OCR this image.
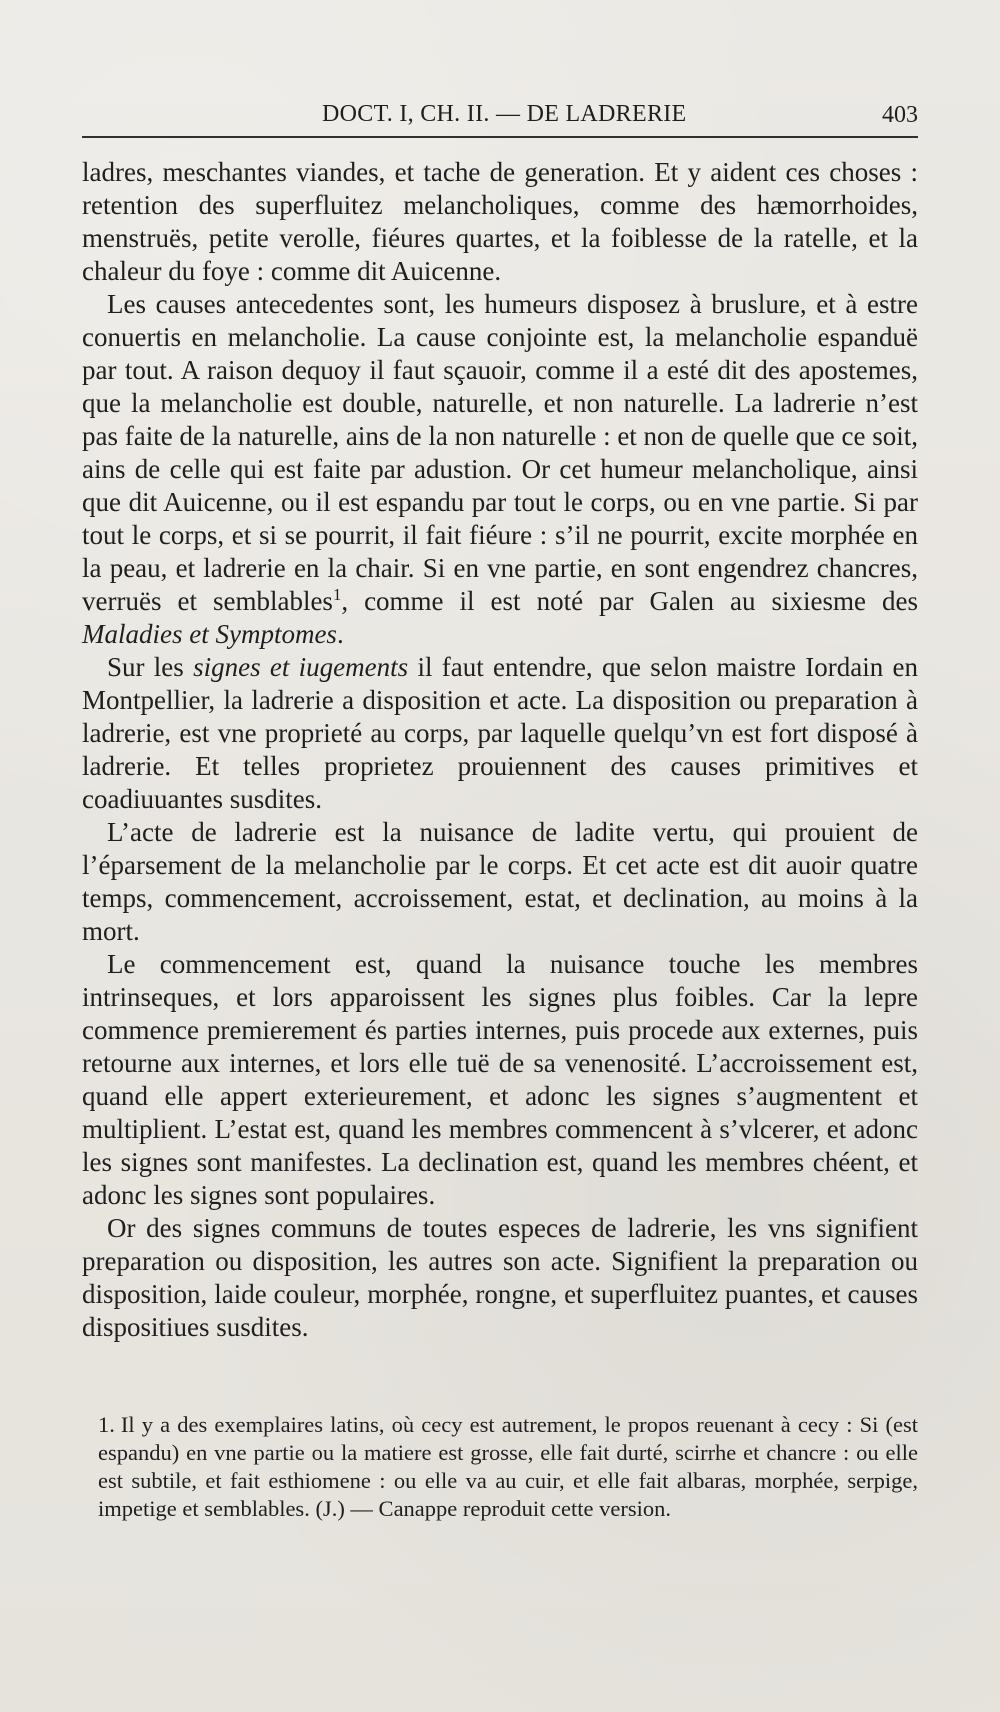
DOCT. I, CH. II. — DE LADRERIE	403

ladres, meschantes viandes, et tache de generation. Et y aident ces choses : retention des superfluitez melancholiques, comme des hæmorrhoides, menstruës, petite verolle, fiéures quartes, et la foiblesse de la ratelle, et la chaleur du foye : comme dit Auicenne.

Les causes antecedentes sont, les humeurs disposez à bruslure, et à estre conuertis en melancholie. La cause conjointe est, la melancholie espanduë par tout. A raison dequoy il faut sçauoir, comme il a esté dit des apostemes, que la melancholie est double, naturelle, et non naturelle. La ladrerie n’est pas faite de la naturelle, ains de la non naturelle : et non de quelle que ce soit, ains de celle qui est faite par adustion. Or cet humeur melancholique, ainsi que dit Auicenne, ou il est espandu par tout le corps, ou en vne partie. Si par tout le corps, et si se pourrit, il fait fiéure : s’il ne pourrit, excite morphée en la peau, et ladrerie en la chair. Si en vne partie, en sont engendrez chancres, verruës et semblables$^1$, comme il est noté par Galen au sixiesme des Maladies et Symptomes.

Sur les signes et iugements il faut entendre, que selon maistre Iordain en Montpellier, la ladrerie a disposition et acte. La disposition ou preparation à ladrerie, est vne proprieté au corps, par laquelle quelqu’vn est fort disposé à ladrerie. Et telles proprietez prouiennent des causes primitives et coadiuuantes susdites.

L’acte de ladrerie est la nuisance de ladite vertu, qui prouient de l’éparsement de la melancholie par le corps. Et cet acte est dit auoir quatre temps, commencement, accroissement, estat, et declination, au moins à la mort.

Le commencement est, quand la nuisance touche les membres intrinseques, et lors apparoissent les signes plus foibles. Car la lepre commence premierement és parties internes, puis procede aux externes, puis retourne aux internes, et lors elle tuë de sa venenosité. L’accroissement est, quand elle appert exterieurement, et adonc les signes s’augmentent et multiplient. L’estat est, quand les membres commencent à s’vlcerer, et adonc les signes sont manifestes. La declination est, quand les membres chéent, et adonc les signes sont populaires.

Or des signes communs de toutes especes de ladrerie, les vns signifient preparation ou disposition, les autres son acte. Signifient la preparation ou disposition, laide couleur, morphée, rongne, et superfluitez puantes, et causes dispositiues susdites.

1. Il y a des exemplaires latins, où cecy est autrement, le propos reuenant à cecy : Si (est espandu) en vne partie ou la matiere est grosse, elle fait durté, scirrhe et chancre : ou elle est subtile, et fait esthiomene : ou elle va au cuir, et elle fait albaras, morphée, serpige, impetige et semblables. (J.) — Canappe reproduit cette version.
